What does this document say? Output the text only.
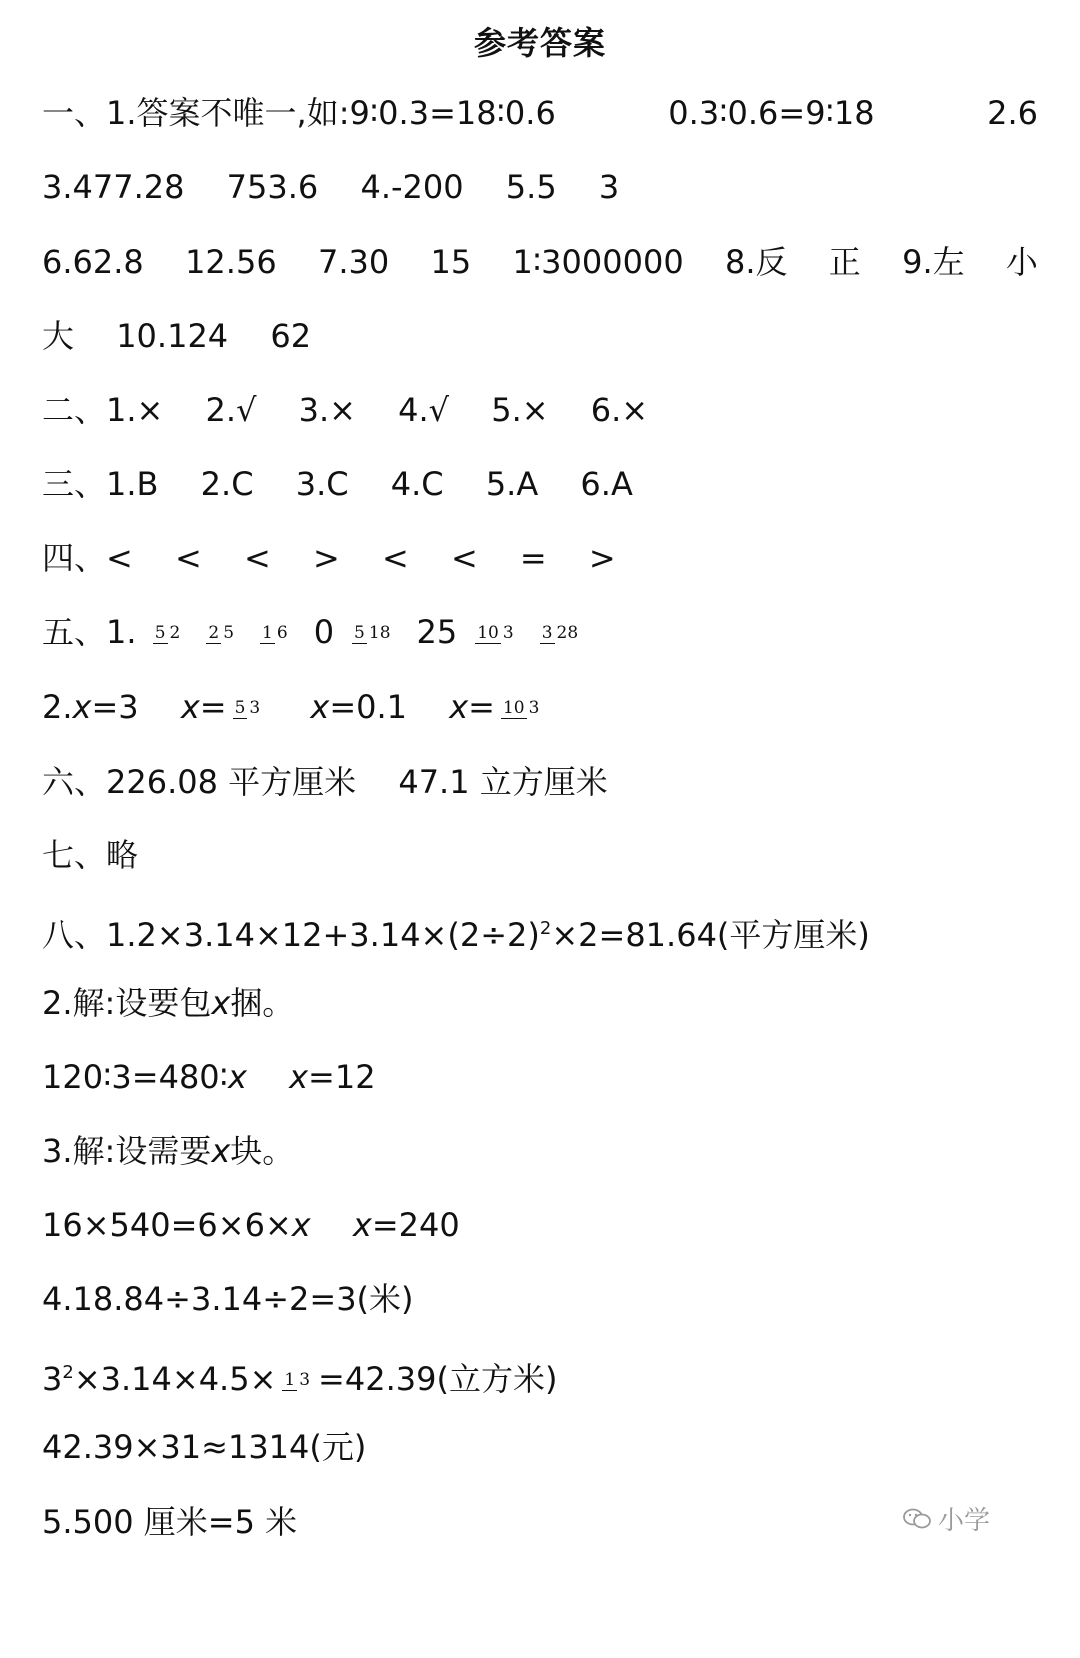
参考答案
一、1.答案不唯一,如:9∶0.3=18∶0.6	0.3∶0.6=9∶18	2.6
3.477.28 753.6 4.-200 5.5 3
6.62.8 12.56 7.30 15 1∶3000000 8.反 正 9.左 小
大 10.124 62
二、1.× 2.√ 3.× 4.√ 5.× 6.×
三、1.B 2.C 3.C 4.C 5.A 6.A
四、< < < > < < = >
五、1. 5 2 2 5 1 6 0 5 18 25 10 3 3 28
2.x=3 x= 5 3 x=0.1 x= 10 3
六、226.08 平方厘米 47.1 立方厘米
七、略
八、$1.2\times 3.14\times 12+3.14\times(2\div 2)^2\times 2=81.64$(平方厘米)
2.解:设要包x捆。
120∶3=480∶x x=12
3.解:设需要x块。
16×540=6×6×x x=240
4.18.84÷3.14÷2=3(米)
$3^2\times 3.14\times 4.5\times 1$ 3 =42.39(立方米)
42.39×31≈1314(元)
5.500 厘米=5 米	小学
